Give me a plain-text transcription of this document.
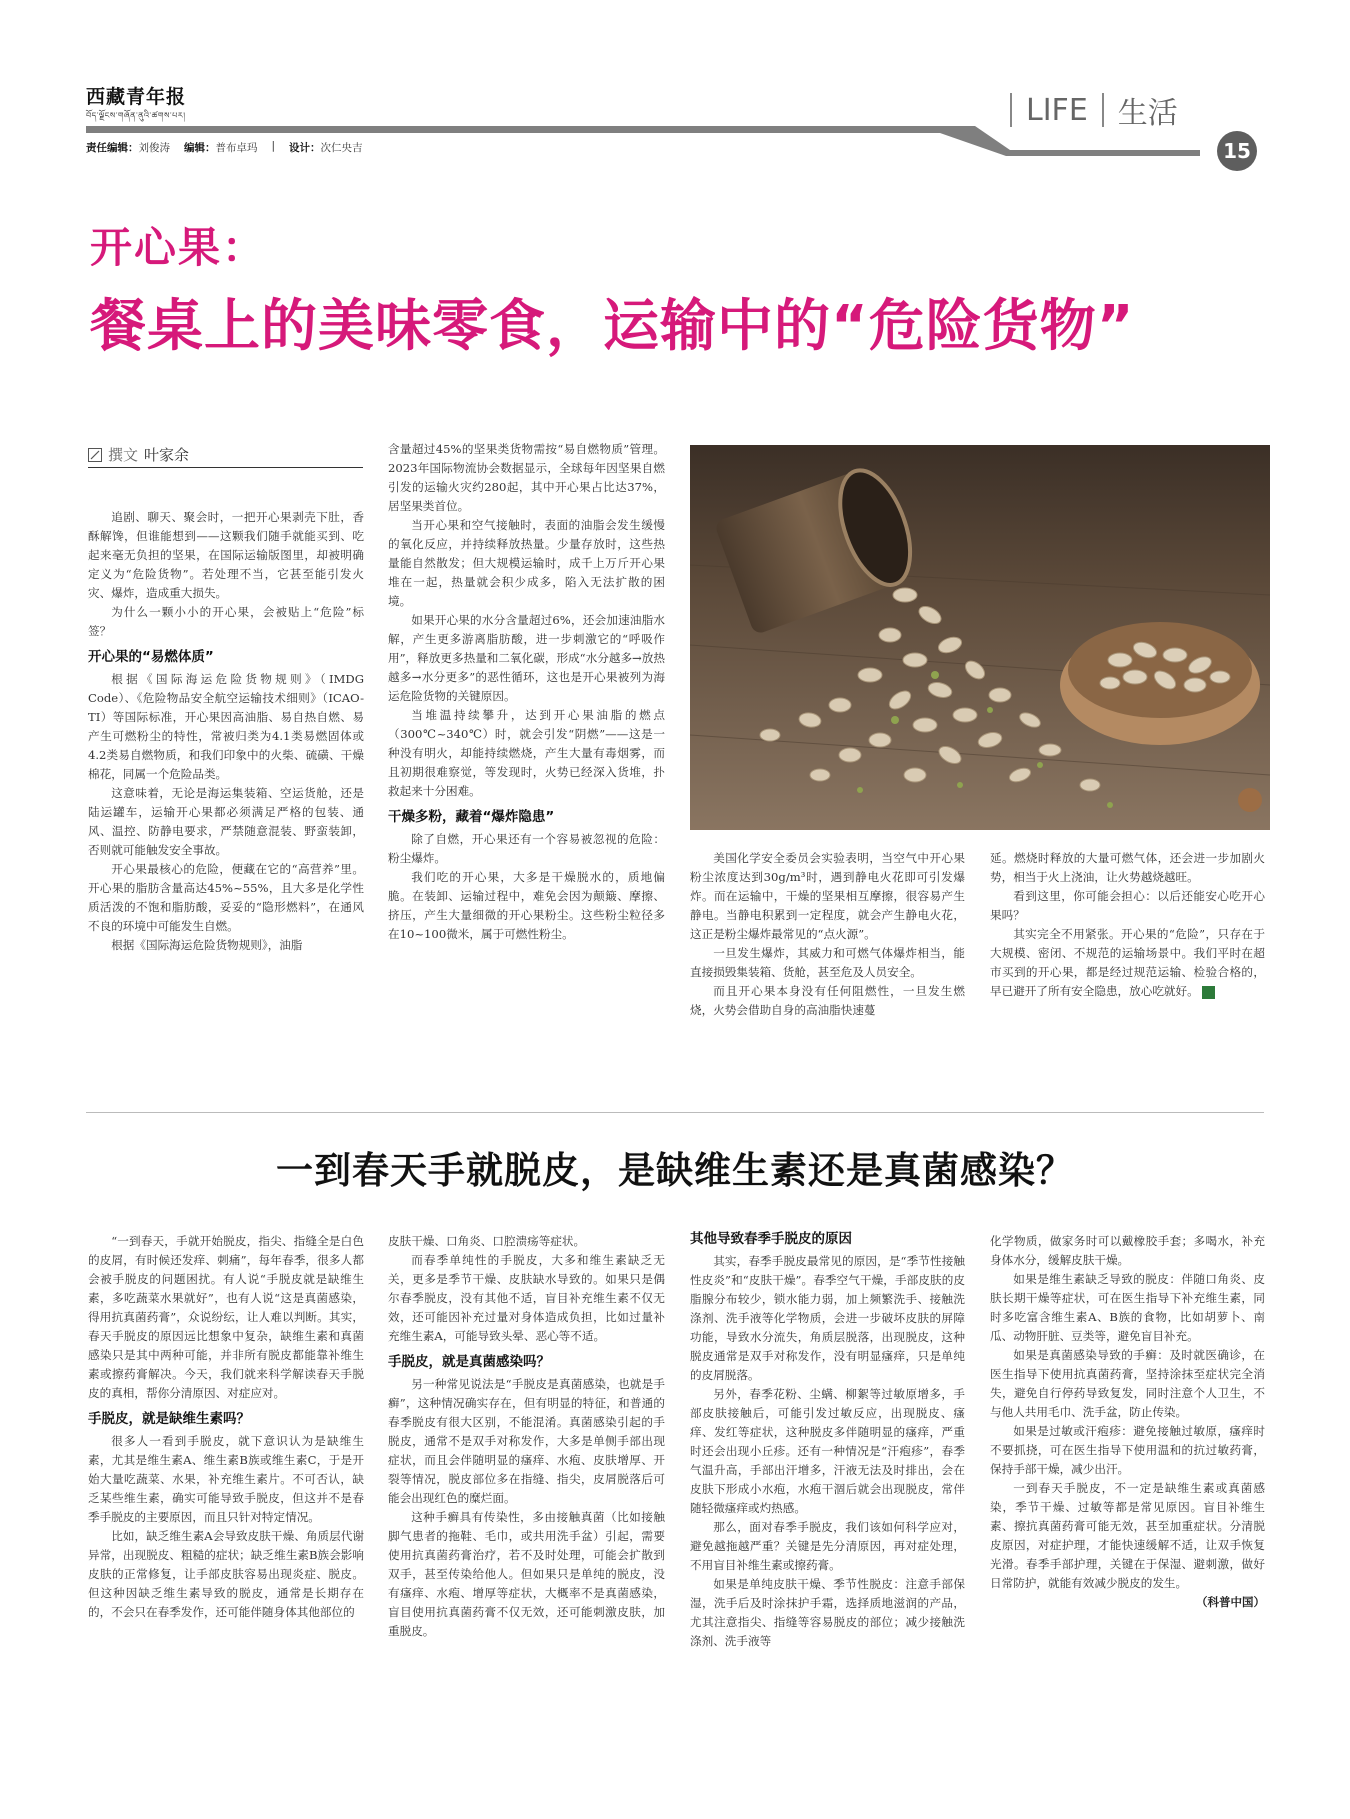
西藏青年报
བོད་ལྗོངས་གཞོན་ནུའི་ཚགས་པར།	LIFE 生活
责任编辑：刘俊涛 编辑：普布卓玛 | 设计：次仁央吉	15
开心果：
餐桌上的美味零食，运输中的“危险货物”
撰文 叶家余

追剧、聊天、聚会时，一把开心果剥壳下肚，香酥解馋，但谁能想到——这颗我们随手就能买到、吃起来毫无负担的坚果，在国际运输版图里，却被明确定义为“危险货物”。若处理不当，它甚至能引发火灾、爆炸，造成重大损失。

为什么一颗小小的开心果，会被贴上“危险”标签？

开心果的“易燃体质”

根据《国际海运危险货物规则》（IMDG Code）、《危险物品安全航空运输技术细则》（ICAO-TI）等国际标准，开心果因高油脂、易自热自燃、易产生可燃粉尘的特性，常被归类为4.1类易燃固体或4.2类易自燃物质，和我们印象中的火柴、硫磺、干燥棉花，同属一个危险品类。

这意味着，无论是海运集装箱、空运货舱，还是陆运罐车，运输开心果都必须满足严格的包装、通风、温控、防静电要求，严禁随意混装、野蛮装卸，否则就可能触发安全事故。

开心果最核心的危险，便藏在它的“高营养”里。开心果的脂肪含量高达45%~55%，且大多是化学性质活泼的不饱和脂肪酸，妥妥的“隐形燃料”，在通风不良的环境中可能发生自燃。

根据《国际海运危险货物规则》，油脂

含量超过45%的坚果类货物需按“易自燃物质”管理。2023年国际物流协会数据显示，全球每年因坚果自燃引发的运输火灾约280起，其中开心果占比达37%，居坚果类首位。

当开心果和空气接触时，表面的油脂会发生缓慢的氧化反应，并持续释放热量。少量存放时，这些热量能自然散发；但大规模运输时，成千上万斤开心果堆在一起，热量就会积少成多，陷入无法扩散的困境。

如果开心果的水分含量超过6%，还会加速油脂水解，产生更多游离脂肪酸，进一步刺激它的“呼吸作用”，释放更多热量和二氧化碳，形成“水分越多→放热越多→水分更多”的恶性循环，这也是开心果被列为海运危险货物的关键原因。

当堆温持续攀升，达到开心果油脂的燃点（300℃~340℃）时，就会引发“阴燃”——这是一种没有明火，却能持续燃烧，产生大量有毒烟雾，而且初期很难察觉，等发现时，火势已经深入货堆，扑救起来十分困难。

干燥多粉，藏着“爆炸隐患”

除了自燃，开心果还有一个容易被忽视的危险：粉尘爆炸。

我们吃的开心果，大多是干燥脱水的，质地偏脆。在装卸、运输过程中，难免会因为颠簸、摩擦、挤压，产生大量细微的开心果粉尘。这些粉尘粒径多在10~100微米，属于可燃性粉尘。

美国化学安全委员会实验表明，当空气中开心果粉尘浓度达到30g/m³时，遇到静电火花即可引发爆炸。而在运输中，干燥的坚果相互摩擦，很容易产生静电。当静电积累到一定程度，就会产生静电火花，这正是粉尘爆炸最常见的“点火源”。

一旦发生爆炸，其威力和可燃气体爆炸相当，能直接损毁集装箱、货舱，甚至危及人员安全。

而且开心果本身没有任何阻燃性，一旦发生燃烧，火势会借助自身的高油脂快速蔓

延。燃烧时释放的大量可燃气体，还会进一步加剧火势，相当于火上浇油，让火势越烧越旺。

看到这里，你可能会担心：以后还能安心吃开心果吗？

其实完全不用紧张。开心果的“危险”，只存在于大规模、密闭、不规范的运输场景中。我们平时在超市买到的开心果，都是经过规范运输、检验合格的，早已避开了所有安全隐患，放心吃就好。	青

一到春天手就脱皮，是缺维生素还是真菌感染？

“一到春天，手就开始脱皮，指尖、指缝全是白色的皮屑，有时候还发痒、刺痛”，每年春季，很多人都会被手脱皮的问题困扰。有人说“手脱皮就是缺维生素，多吃蔬菜水果就好”，也有人说“这是真菌感染，得用抗真菌药膏”，众说纷纭，让人难以判断。其实，春天手脱皮的原因远比想象中复杂，缺维生素和真菌感染只是其中两种可能，并非所有脱皮都能靠补维生素或擦药膏解决。今天，我们就来科学解读春天手脱皮的真相，帮你分清原因、对症应对。

手脱皮，就是缺维生素吗？

很多人一看到手脱皮，就下意识认为是缺维生素，尤其是维生素A、维生素B族或维生素C，于是开始大量吃蔬菜、水果，补充维生素片。不可否认，缺乏某些维生素，确实可能导致手脱皮，但这并不是春季手脱皮的主要原因，而且只针对特定情况。

比如，缺乏维生素A会导致皮肤干燥、角质层代谢异常，出现脱皮、粗糙的症状；缺乏维生素B族会影响皮肤的正常修复，让手部皮肤容易出现炎症、脱皮。但这种因缺乏维生素导致的脱皮，通常是长期存在的，不会只在春季发作，还可能伴随身体其他部位的

皮肤干燥、口角炎、口腔溃疡等症状。

而春季单纯性的手脱皮，大多和维生素缺乏无关，更多是季节干燥、皮肤缺水导致的。如果只是偶尔春季脱皮，没有其他不适，盲目补充维生素不仅无效，还可能因补充过量对身体造成负担，比如过量补充维生素A，可能导致头晕、恶心等不适。

手脱皮，就是真菌感染吗？

另一种常见说法是“手脱皮是真菌感染，也就是手癣”，这种情况确实存在，但有明显的特征，和普通的春季脱皮有很大区别，不能混淆。真菌感染引起的手脱皮，通常不是双手对称发作，大多是单侧手部出现症状，而且会伴随明显的瘙痒、水疱、皮肤增厚、开裂等情况，脱皮部位多在指缝、指尖，皮屑脱落后可能会出现红色的糜烂面。

这种手癣具有传染性，多由接触真菌（比如接触脚气患者的拖鞋、毛巾，或共用洗手盆）引起，需要使用抗真菌药膏治疗，若不及时处理，可能会扩散到双手，甚至传染给他人。但如果只是单纯的脱皮，没有瘙痒、水疱、增厚等症状，大概率不是真菌感染，盲目使用抗真菌药膏不仅无效，还可能刺激皮肤，加重脱皮。

其他导致春季手脱皮的原因

其实，春季手脱皮最常见的原因，是“季节性接触性皮炎”和“皮肤干燥”。春季空气干燥，手部皮肤的皮脂腺分布较少，锁水能力弱，加上频繁洗手、接触洗涤剂、洗手液等化学物质，会进一步破坏皮肤的屏障功能，导致水分流失，角质层脱落，出现脱皮，这种脱皮通常是双手对称发作，没有明显瘙痒，只是单纯的皮屑脱落。

另外，春季花粉、尘螨、柳絮等过敏原增多，手部皮肤接触后，可能引发过敏反应，出现脱皮、瘙痒、发红等症状，这种脱皮多伴随明显的瘙痒，严重时还会出现小丘疹。还有一种情况是“汗疱疹”，春季气温升高，手部出汗增多，汗液无法及时排出，会在皮肤下形成小水疱，水疱干涸后就会出现脱皮，常伴随轻微瘙痒或灼热感。

那么，面对春季手脱皮，我们该如何科学应对，避免越拖越严重？关键是先分清原因，再对症处理，不用盲目补维生素或擦药膏。

如果是单纯皮肤干燥、季节性脱皮：注意手部保湿，洗手后及时涂抹护手霜，选择质地滋润的产品，尤其注意指尖、指缝等容易脱皮的部位；减少接触洗涤剂、洗手液等

化学物质，做家务时可以戴橡胶手套；多喝水，补充身体水分，缓解皮肤干燥。

如果是维生素缺乏导致的脱皮：伴随口角炎、皮肤长期干燥等症状，可在医生指导下补充维生素，同时多吃富含维生素A、B族的食物，比如胡萝卜、南瓜、动物肝脏、豆类等，避免盲目补充。

如果是真菌感染导致的手癣：及时就医确诊，在医生指导下使用抗真菌药膏，坚持涂抹至症状完全消失，避免自行停药导致复发，同时注意个人卫生，不与他人共用毛巾、洗手盆，防止传染。

如果是过敏或汗疱疹：避免接触过敏原，瘙痒时不要抓挠，可在医生指导下使用温和的抗过敏药膏，保持手部干燥，减少出汗。

一到春天手脱皮，不一定是缺维生素或真菌感染，季节干燥、过敏等都是常见原因。盲目补维生素、擦抗真菌药膏可能无效，甚至加重症状。分清脱皮原因，对症护理，才能快速缓解不适，让双手恢复光滑。春季手部护理，关键在于保湿、避刺激，做好日常防护，就能有效减少脱皮的发生。

（科普中国）
